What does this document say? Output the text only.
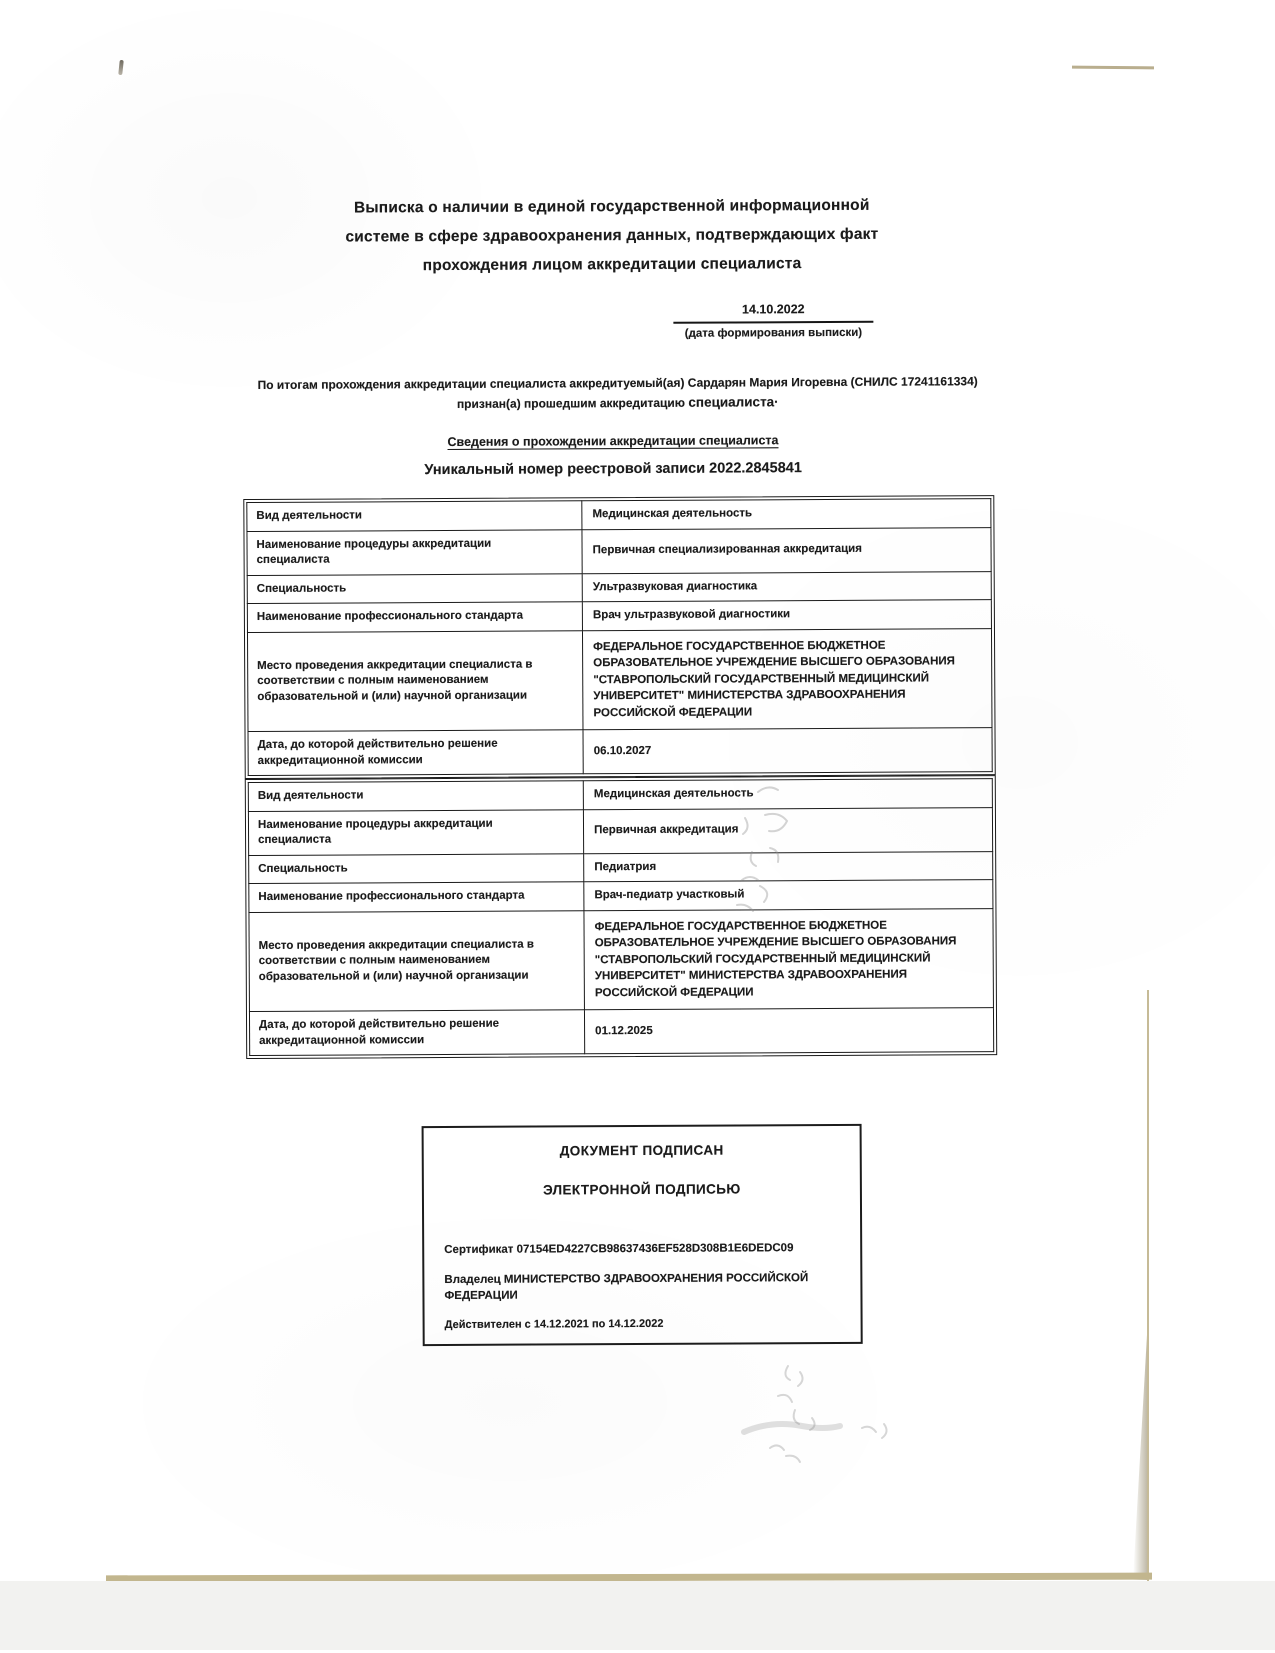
Выписка о наличии в единой государственной информационной
системе в сфере здравоохранения данных, подтверждающих факт
прохождения лицом аккредитации специалиста
14.10.2022
(дата формирования выписки)

По итогам прохождения аккредитации специалиста аккредитуемый(ая) Сардарян Мария Игоревна (СНИЛС 17241161334) признан(а) прошедшим аккредитацию специалиста·

Сведения о прохождении аккредитации специалиста
Уникальный номер реестровой записи 2022.2845841
Вид деятельности	Медицинская деятельность
Наименование процедуры аккредитации специалиста	Первичная специализированная аккредитация
Специальность	Ультразвуковая диагностика
Наименование профессионального стандарта	Врач ультразвуковой диагностики
Место проведения аккредитации специалиста в соответствии с полным наименованием образовательной и (или) научной организации	ФЕДЕРАЛЬНОЕ ГОСУДАРСТВЕННОЕ БЮДЖЕТНОЕ ОБРАЗОВАТЕЛЬНОЕ УЧРЕЖДЕНИЕ ВЫСШЕГО ОБРАЗОВАНИЯ "СТАВРОПОЛЬСКИЙ ГОСУДАРСТВЕННЫЙ МЕДИЦИНСКИЙ УНИВЕРСИТЕТ" МИНИСТЕРСТВА ЗДРАВООХРАНЕНИЯ РОССИЙСКОЙ ФЕДЕРАЦИИ
Дата, до которой действительно решение аккредитационной комиссии	06.10.2027
Вид деятельности	Медицинская деятельность
Наименование процедуры аккредитации специалиста	Первичная аккредитация
Специальность	Педиатрия
Наименование профессионального стандарта	Врач-педиатр участковый
Место проведения аккредитации специалиста в соответствии с полным наименованием образовательной и (или) научной организации	ФЕДЕРАЛЬНОЕ ГОСУДАРСТВЕННОЕ БЮДЖЕТНОЕ ОБРАЗОВАТЕЛЬНОЕ УЧРЕЖДЕНИЕ ВЫСШЕГО ОБРАЗОВАНИЯ "СТАВРОПОЛЬСКИЙ ГОСУДАРСТВЕННЫЙ МЕДИЦИНСКИЙ УНИВЕРСИТЕТ" МИНИСТЕРСТВА ЗДРАВООХРАНЕНИЯ РОССИЙСКОЙ ФЕДЕРАЦИИ
Дата, до которой действительно решение аккредитационной комиссии	01.12.2025
ДОКУМЕНТ ПОДПИСАН
ЭЛЕКТРОННОЙ ПОДПИСЬЮ
Сертификат 07154ED4227CB98637436EF528D308B1E6DEDC09
Владелец МИНИСТЕРСТВО ЗДРАВООХРАНЕНИЯ РОССИЙСКОЙ ФЕДЕРАЦИИ
Действителен с 14.12.2021 по 14.12.2022
